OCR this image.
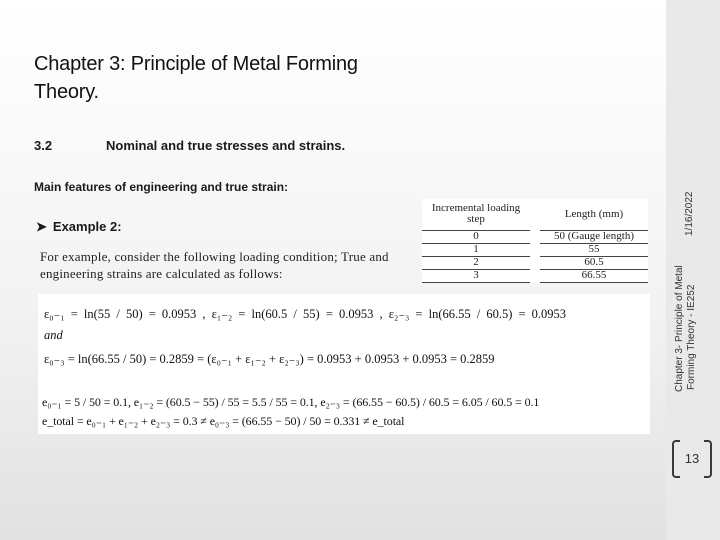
Chapter 3: Principle of Metal Forming Theory.
3.2	Nominal and true stresses and strains.
Main features of engineering and true strain:
➤ Example 2:
For example, consider the following loading condition; True and engineering strains are calculated as follows:
Incremental loading step		Length (mm)
0		50 (Gauge length)
1		55
2		60.5
3		66.55
ε₀₋₁ = ln(55 / 50) = 0.0953 , ε₁₋₂ = ln(60.5 / 55) = 0.0953 , ε₂₋₃ = ln(66.55 / 60.5) = 0.0953
and
ε₀₋₃ = ln(66.55 / 50) = 0.2859 = (ε₀₋₁ + ε₁₋₂ + ε₂₋₃) = 0.0953 + 0.0953 + 0.0953 = 0.2859
e₀₋₁ = 5 / 50 = 0.1, e₁₋₂ = (60.5 − 55) / 55 = 5.5 / 55 = 0.1, e₂₋₃ = (66.55 − 60.5) / 60.5 = 6.05 / 60.5 = 0.1
e_total = e₀₋₁ + e₁₋₂ + e₂₋₃ = 0.3 ≠ e₀₋₃ = (66.55 − 50) / 50 = 0.331 ≠ e_total
1/16/2022
Chapter 3- Principle of Metal Forming Theory - IE252
13
